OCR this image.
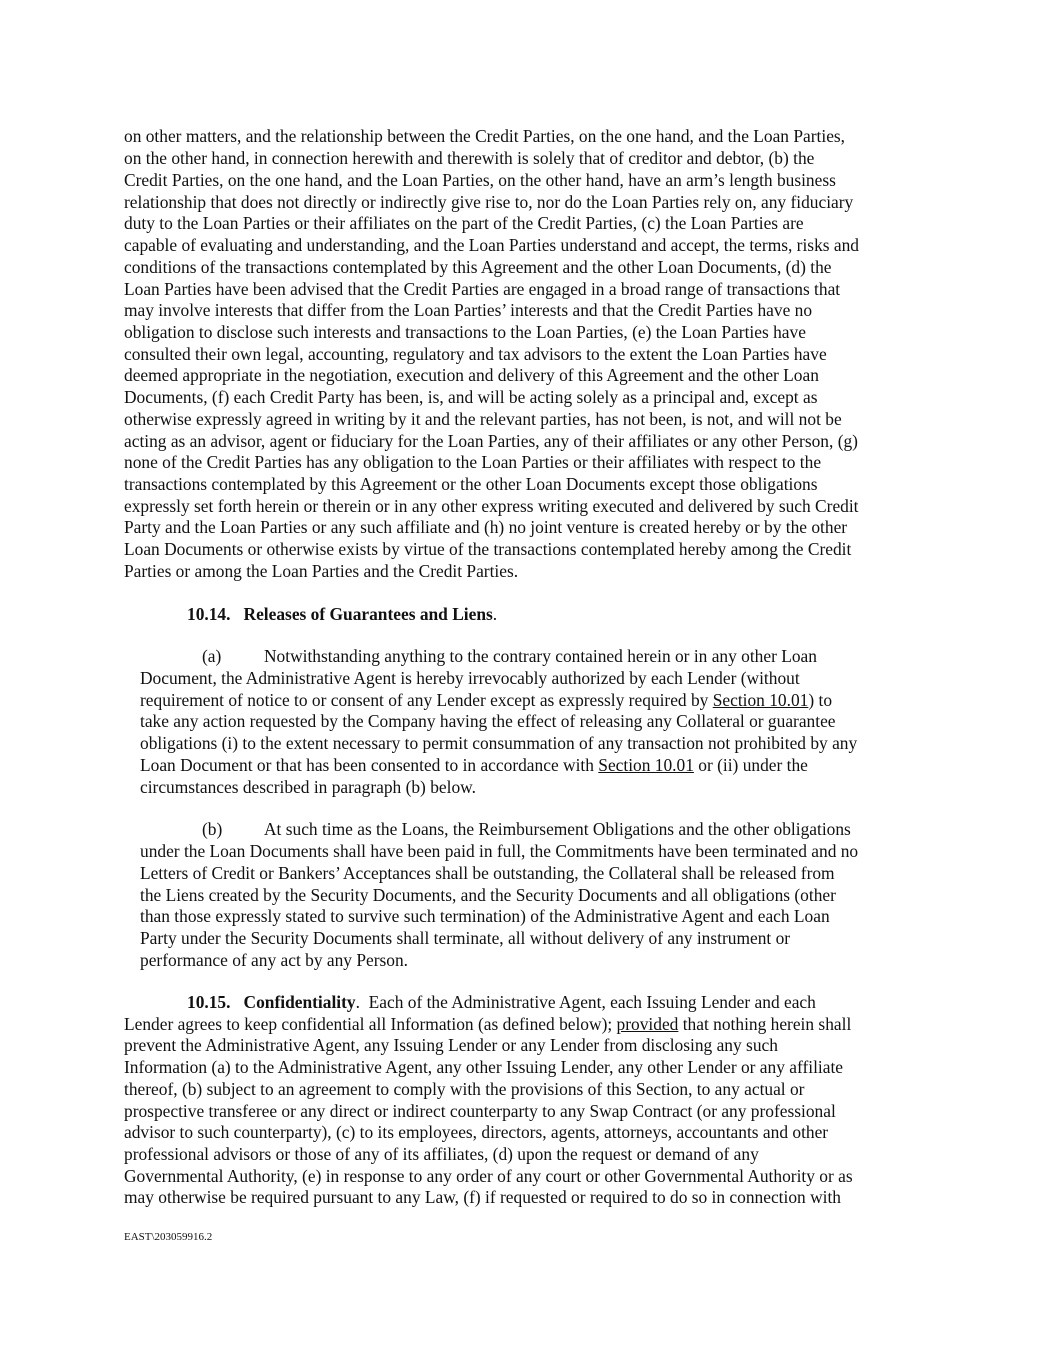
on other matters, and the relationship between the Credit Parties, on the one hand, and the Loan Parties,
on the other hand, in connection herewith and therewith is solely that of creditor and debtor, (b) the
Credit Parties, on the one hand, and the Loan Parties, on the other hand, have an arm’s length business
relationship that does not directly or indirectly give rise to, nor do the Loan Parties rely on, any fiduciary
duty to the Loan Parties or their affiliates on the part of the Credit Parties, (c) the Loan Parties are
capable of evaluating and understanding, and the Loan Parties understand and accept, the terms, risks and
conditions of the transactions contemplated by this Agreement and the other Loan Documents, (d) the
Loan Parties have been advised that the Credit Parties are engaged in a broad range of transactions that
may involve interests that differ from the Loan Parties’ interests and that the Credit Parties have no
obligation to disclose such interests and transactions to the Loan Parties, (e) the Loan Parties have
consulted their own legal, accounting, regulatory and tax advisors to the extent the Loan Parties have
deemed appropriate in the negotiation, execution and delivery of this Agreement and the other Loan
Documents, (f) each Credit Party has been, is, and will be acting solely as a principal and, except as
otherwise expressly agreed in writing by it and the relevant parties, has not been, is not, and will not be
acting as an advisor, agent or fiduciary for the Loan Parties, any of their affiliates or any other Person, (g)
none of the Credit Parties has any obligation to the Loan Parties or their affiliates with respect to the
transactions contemplated by this Agreement or the other Loan Documents except those obligations
expressly set forth herein or therein or in any other express writing executed and delivered by such Credit
Party and the Loan Parties or any such affiliate and (h) no joint venture is created hereby or by the other
Loan Documents or otherwise exists by virtue of the transactions contemplated hereby among the Credit
Parties or among the Loan Parties and the Credit Parties.
10.14. Releases of Guarantees and Liens.
(a) Notwithstanding anything to the contrary contained herein or in any other Loan
Document, the Administrative Agent is hereby irrevocably authorized by each Lender (without
requirement of notice to or consent of any Lender except as expressly required by Section 10.01) to
take any action requested by the Company having the effect of releasing any Collateral or guarantee
obligations (i) to the extent necessary to permit consummation of any transaction not prohibited by any
Loan Document or that has been consented to in accordance with Section 10.01 or (ii) under the
circumstances described in paragraph (b) below.
(b) At such time as the Loans, the Reimbursement Obligations and the other obligations
under the Loan Documents shall have been paid in full, the Commitments have been terminated and no
Letters of Credit or Bankers’ Acceptances shall be outstanding, the Collateral shall be released from
the Liens created by the Security Documents, and the Security Documents and all obligations (other
than those expressly stated to survive such termination) of the Administrative Agent and each Loan
Party under the Security Documents shall terminate, all without delivery of any instrument or
performance of any act by any Person.
10.15. Confidentiality.  Each of the Administrative Agent, each Issuing Lender and each
Lender agrees to keep confidential all Information (as defined below); provided that nothing herein shall
prevent the Administrative Agent, any Issuing Lender or any Lender from disclosing any such
Information (a) to the Administrative Agent, any other Issuing Lender, any other Lender or any affiliate
thereof, (b) subject to an agreement to comply with the provisions of this Section, to any actual or
prospective transferee or any direct or indirect counterparty to any Swap Contract (or any professional
advisor to such counterparty), (c) to its employees, directors, agents, attorneys, accountants and other
professional advisors or those of any of its affiliates, (d) upon the request or demand of any
Governmental Authority, (e) in response to any order of any court or other Governmental Authority or as
may otherwise be required pursuant to any Law, (f) if requested or required to do so in connection with
EAST\203059916.2
